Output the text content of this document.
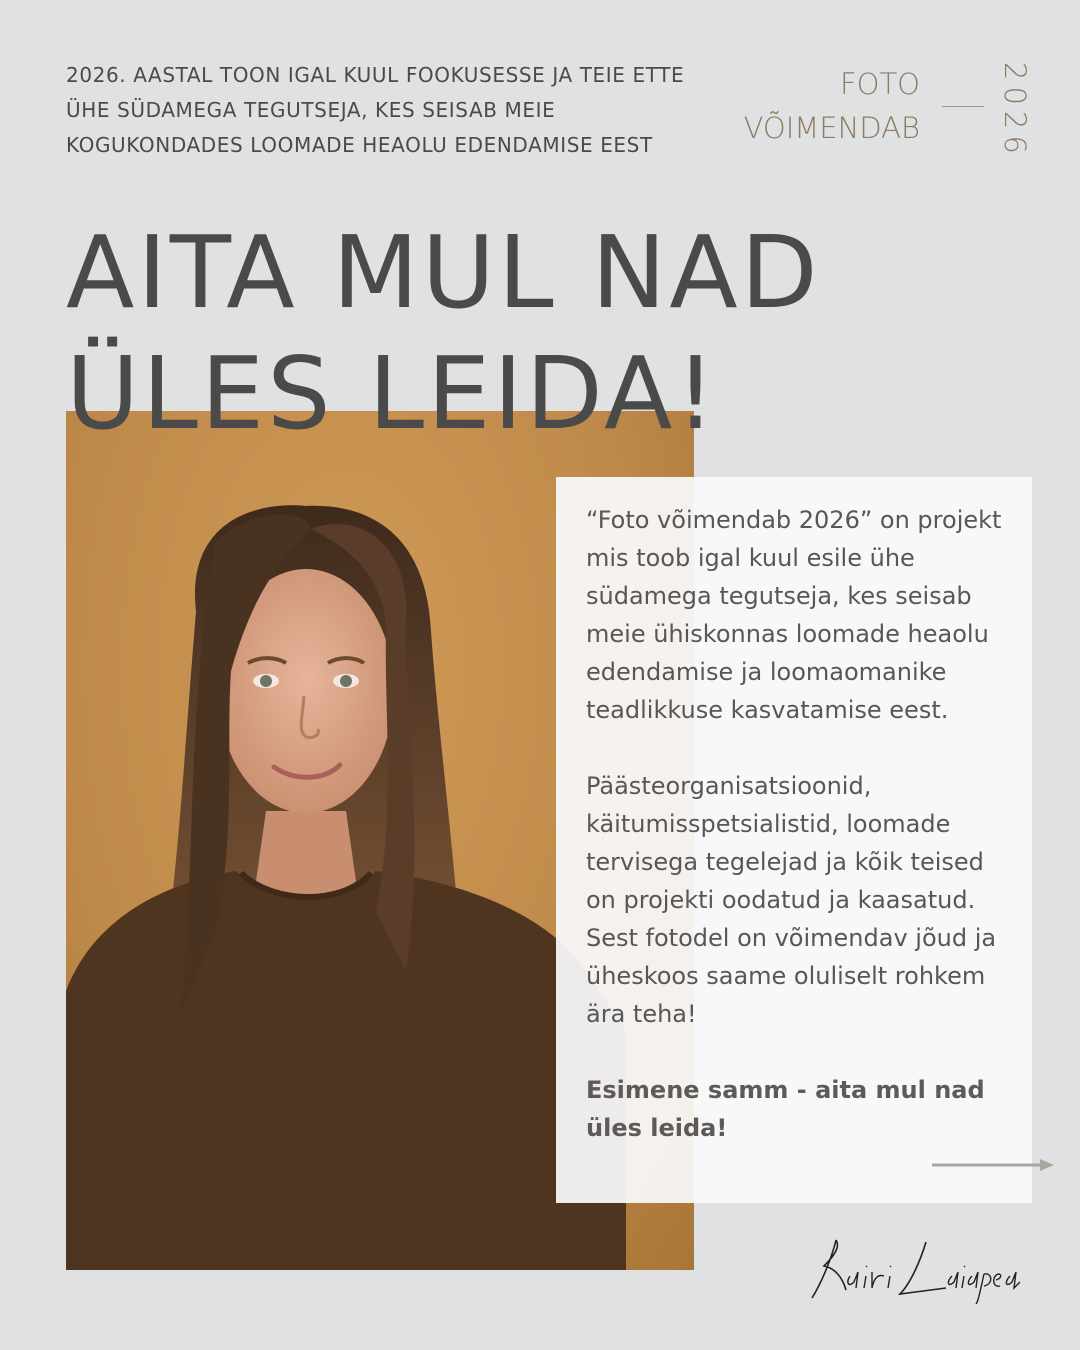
2026. AASTAL TOON IGAL KUUL FOOKUSESSE JA TEIE ETTE ÜHE SÜDAMEGA TEGUTSEJA, KES SEISAB MEIE KOGUKONDADES LOOMADE HEAOLU EDENDAMISE EEST
FOTO
VÕIMENDAB	2026
AITA MUL NAD
ÜLES LEIDA!

“Foto võimendab 2026” on projekt mis toob igal kuul esile ühe südamega tegutseja, kes seisab meie ühiskonnas loomade heaolu edendamise ja loomaomanike teadlikkuse kasvatamise eest.

Päästeorganisatsioonid, käitumisspetsialistid, loomade tervisega tegelejad ja kõik teised on projekti oodatud ja kaasatud. Sest fotodel on võimendav jõud ja üheskoos saame oluliselt rohkem ära teha!

Esimene samm - aita mul nad üles leida!
